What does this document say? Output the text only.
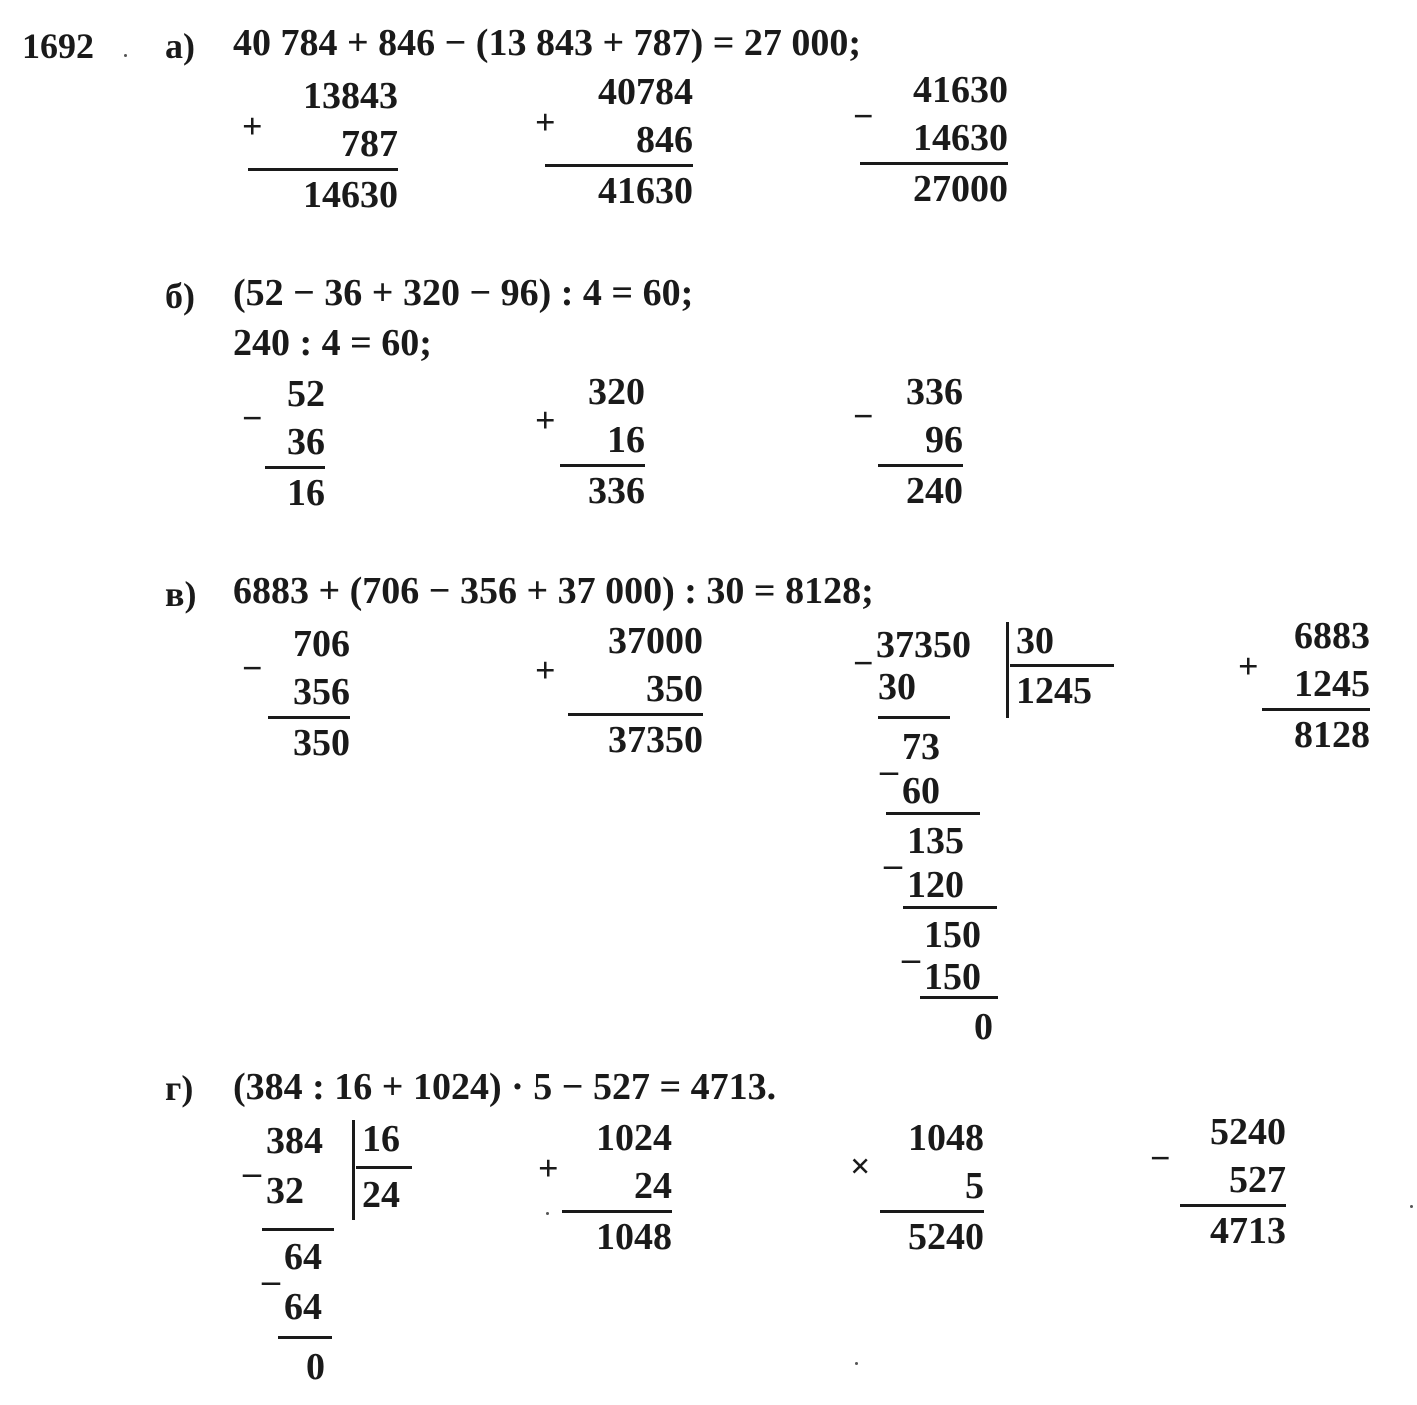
1692 а) 40 784 + 846 − (13 843 + 787) = 27 000;
+
13843
787
14630
+
40784
846
41630
−
41630
14630
27000
б) (52 − 36 + 320 − 96) : 4 = 60;
240 : 4 = 60;
−
52
36
16
+
320
16
336
−
336
96
240
в) 6883 + (706 − 356 + 37 000) : 30 = 8128;
−
706
356
350
+
37000
350
37350
− 37350 30
1245
30
_ 73
60
_ 135
120
_ 150
150
0
+
6883
1245
8128
г) (384 : 16 + 1024) · 5 − 527 = 4713.
_ 384 16
24
32
_ 64
64
0
+
1024
24
1048
×
1048
5
5240
−
5240
527
4713
